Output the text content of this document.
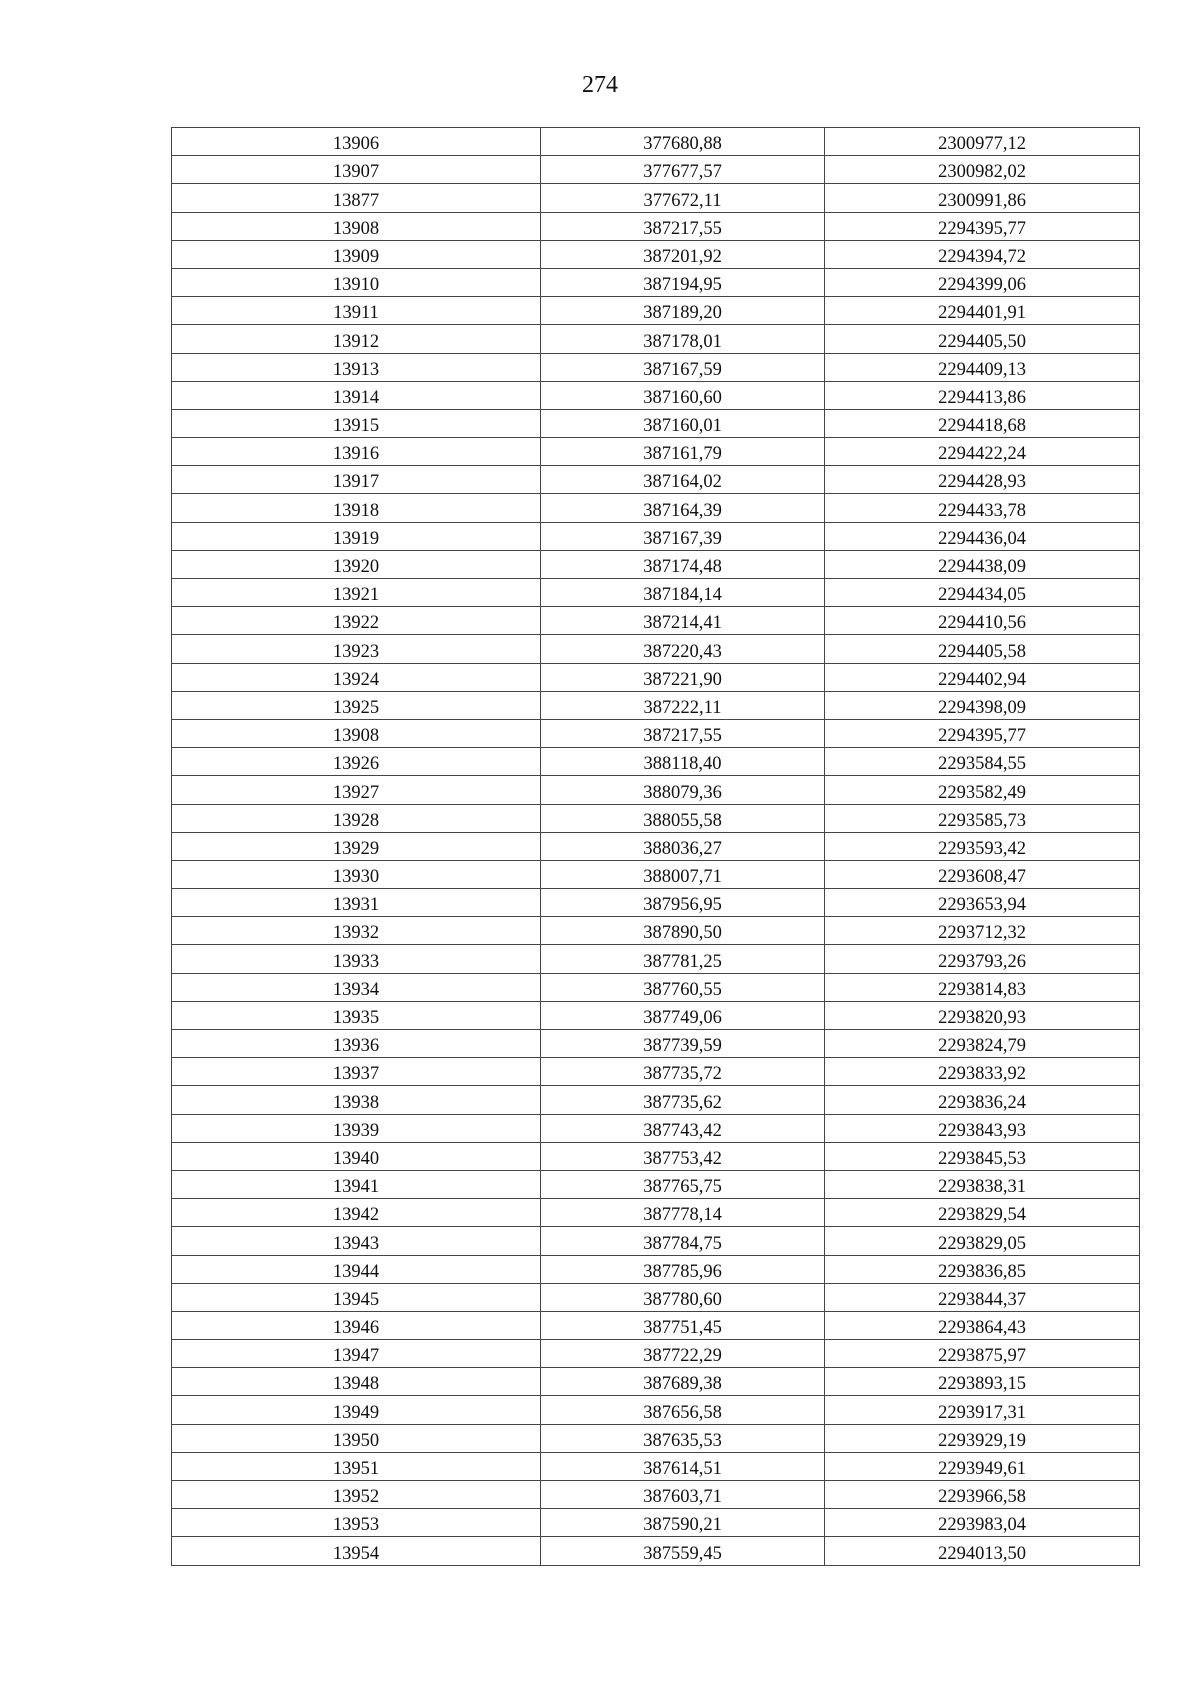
274
13906	377680,88	2300977,12
13907	377677,57	2300982,02
13877	377672,11	2300991,86
13908	387217,55	2294395,77
13909	387201,92	2294394,72
13910	387194,95	2294399,06
13911	387189,20	2294401,91
13912	387178,01	2294405,50
13913	387167,59	2294409,13
13914	387160,60	2294413,86
13915	387160,01	2294418,68
13916	387161,79	2294422,24
13917	387164,02	2294428,93
13918	387164,39	2294433,78
13919	387167,39	2294436,04
13920	387174,48	2294438,09
13921	387184,14	2294434,05
13922	387214,41	2294410,56
13923	387220,43	2294405,58
13924	387221,90	2294402,94
13925	387222,11	2294398,09
13908	387217,55	2294395,77
13926	388118,40	2293584,55
13927	388079,36	2293582,49
13928	388055,58	2293585,73
13929	388036,27	2293593,42
13930	388007,71	2293608,47
13931	387956,95	2293653,94
13932	387890,50	2293712,32
13933	387781,25	2293793,26
13934	387760,55	2293814,83
13935	387749,06	2293820,93
13936	387739,59	2293824,79
13937	387735,72	2293833,92
13938	387735,62	2293836,24
13939	387743,42	2293843,93
13940	387753,42	2293845,53
13941	387765,75	2293838,31
13942	387778,14	2293829,54
13943	387784,75	2293829,05
13944	387785,96	2293836,85
13945	387780,60	2293844,37
13946	387751,45	2293864,43
13947	387722,29	2293875,97
13948	387689,38	2293893,15
13949	387656,58	2293917,31
13950	387635,53	2293929,19
13951	387614,51	2293949,61
13952	387603,71	2293966,58
13953	387590,21	2293983,04
13954	387559,45	2294013,50
